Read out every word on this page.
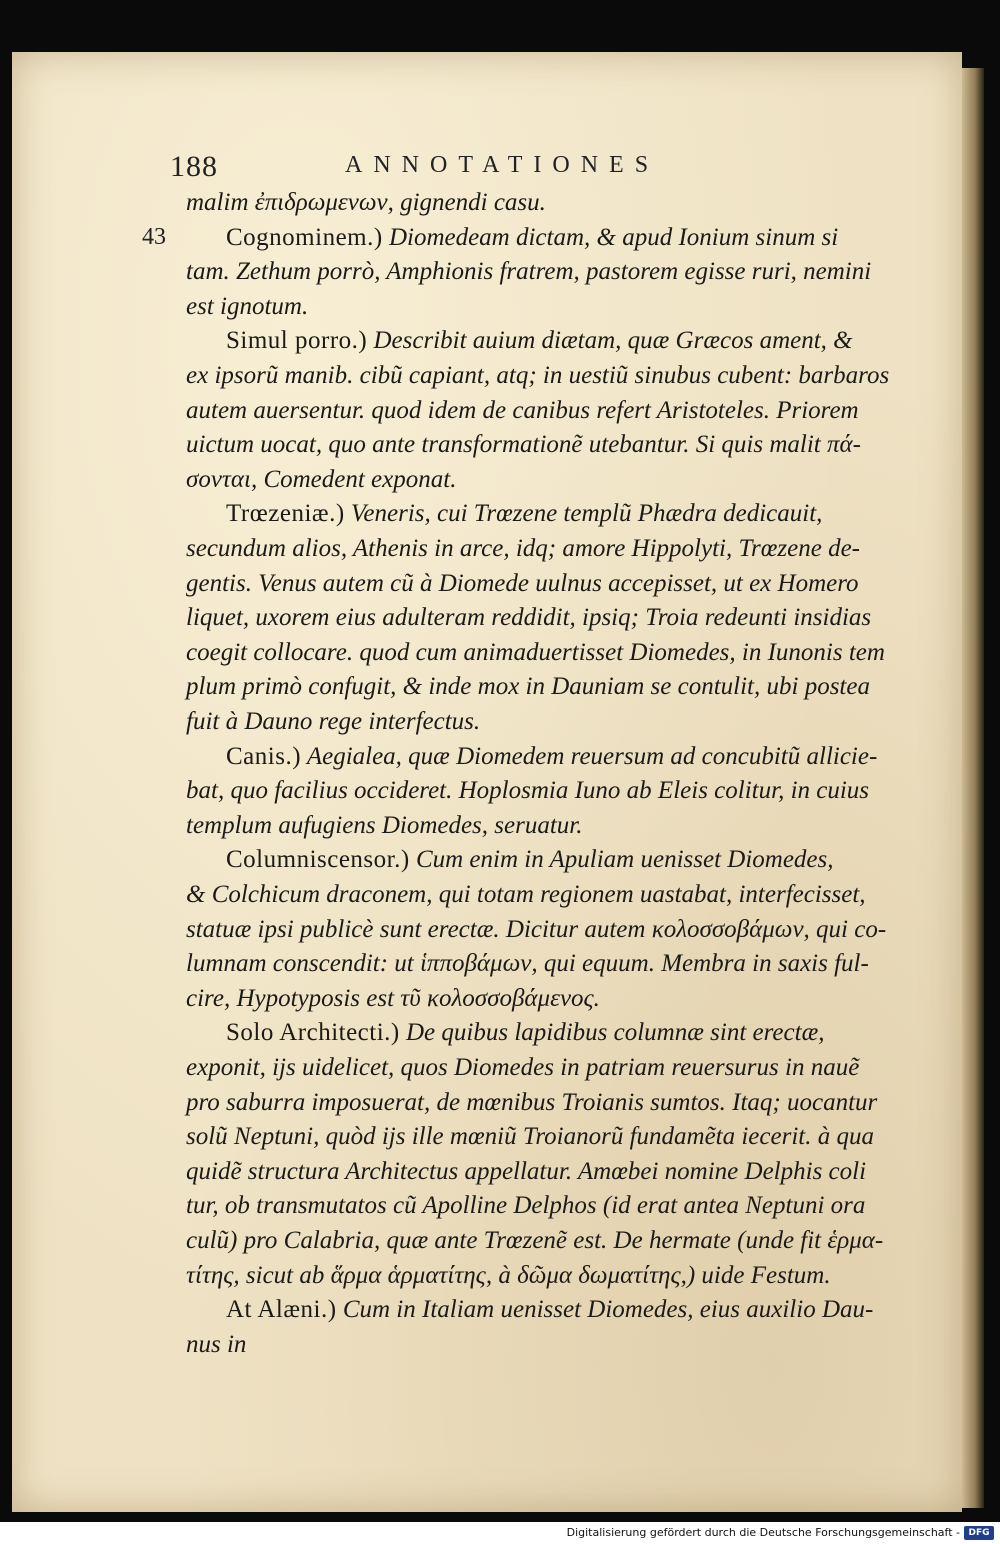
188	ANNOTATIONES
43
malim ἐπιδρωμενων, gignendi casu.
Cognominem.) Diomedeam dictam, & apud Ionium sinum si
tam. Zethum porrò, Amphionis fratrem, pastorem egisse ruri, nemini
est ignotum.
Simul porro.) Describit auium diætam, quæ Græcos ament, &
ex ipsorũ manib. cibũ capiant, atq; in uestiũ sinubus cubent: barbaros
autem auersentur. quod idem de canibus refert Aristoteles. Priorem
uictum uocat, quo ante transformationẽ utebantur. Si quis malit πά-
σονται, Comedent exponat.
Trœzeniæ.) Veneris, cui Trœzene templũ Phædra dedicauit,
secundum alios, Athenis in arce, idq; amore Hippolyti, Trœzene de-
gentis. Venus autem cũ à Diomede uulnus accepisset, ut ex Homero
liquet, uxorem eius adulteram reddidit, ipsiq; Troia redeunti insidias
coegit collocare. quod cum animaduertisset Diomedes, in Iunonis tem
plum primò confugit, & inde mox in Dauniam se contulit, ubi postea
fuit à Dauno rege interfectus.
Canis.) Aegialea, quæ Diomedem reuersum ad concubitũ allicie-
bat, quo facilius occideret. Hoplosmia Iuno ab Eleis colitur, in cuius
templum aufugiens Diomedes, seruatur.
Columniscensor.) Cum enim in Apuliam uenisset Diomedes,
& Colchicum draconem, qui totam regionem uastabat, interfecisset,
statuæ ipsi publicè sunt erectæ. Dicitur autem κολοσσοβάμων, qui co-
lumnam conscendit: ut ἱπποβάμων, qui equum. Membra in saxis ful-
cire, Hypotyposis est τῦ κολοσσοβάμενος.
Solo Architecti.) De quibus lapidibus columnæ sint erectæ,
exponit, ijs uidelicet, quos Diomedes in patriam reuersurus in nauẽ
pro saburra imposuerat, de mœnibus Troianis sumtos. Itaq; uocantur
solũ Neptuni, quòd ijs ille mœniũ Troianorũ fundamẽta iecerit. à qua
quidẽ structura Architectus appellatur. Amœbei nomine Delphis coli
tur, ob transmutatos cũ Apolline Delphos (id erat antea Neptuni ora
culũ) pro Calabria, quæ ante Trœzenẽ est. De hermate (unde fit ἑρμα-
τίτης, sicut ab ἅρμα ἁρματίτης, à δῶμα δωματίτης,) uide Festum.
At Alæni.) Cum in Italiam uenisset Diomedes, eius auxilio Dau-
nus in
Digitalisierung gefördert durch die Deutsche Forschungsgemeinschaft - DFG
